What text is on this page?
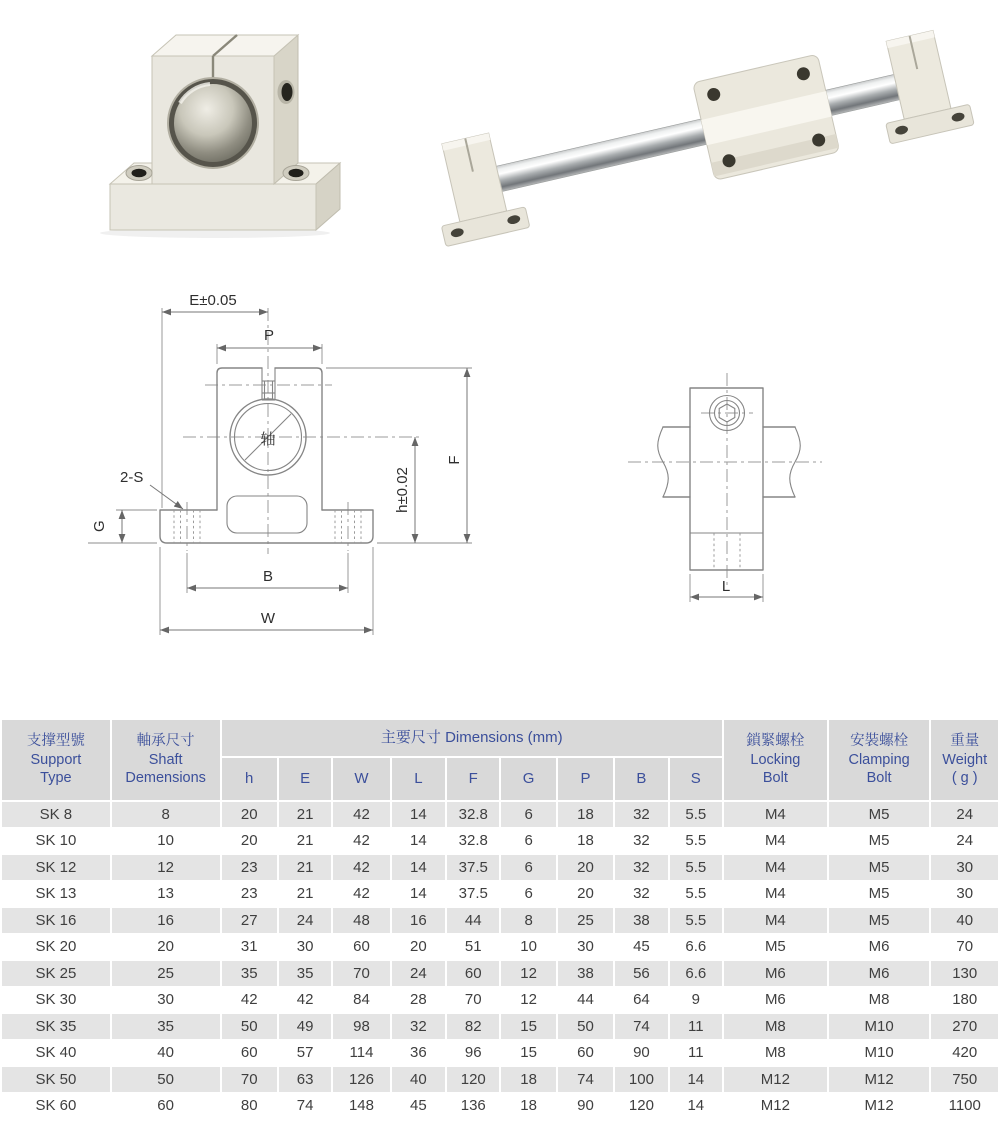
轴
E±0.05
P
F
h±0.02
2-S
G
B
W
L
支撑型號
Support
Type	軸承尺寸
Shaft
Demensions	主要尺寸 Dimensions (mm)									鎖緊螺栓
Locking
Bolt	安裝螺栓
Clamping
Bolt	重量
Weight
( g )

		h	E	W	L	F	G	P	B	S			
SK 8	8	20	21	42	14	32.8	6	18	32	5.5	M4	M5	24
SK 10	10	20	21	42	14	32.8	6	18	32	5.5	M4	M5	24
SK 12	12	23	21	42	14	37.5	6	20	32	5.5	M4	M5	30
SK 13	13	23	21	42	14	37.5	6	20	32	5.5	M4	M5	30
SK 16	16	27	24	48	16	44	8	25	38	5.5	M4	M5	40
SK 20	20	31	30	60	20	51	10	30	45	6.6	M5	M6	70
SK 25	25	35	35	70	24	60	12	38	56	6.6	M6	M6	130
SK 30	30	42	42	84	28	70	12	44	64	9	M6	M8	180
SK 35	35	50	49	98	32	82	15	50	74	11	M8	M10	270
SK 40	40	60	57	114	36	96	15	60	90	11	M8	M10	420
SK 50	50	70	63	126	40	120	18	74	100	14	M12	M12	750
SK 60	60	80	74	148	45	136	18	90	120	14	M12	M12	1100
